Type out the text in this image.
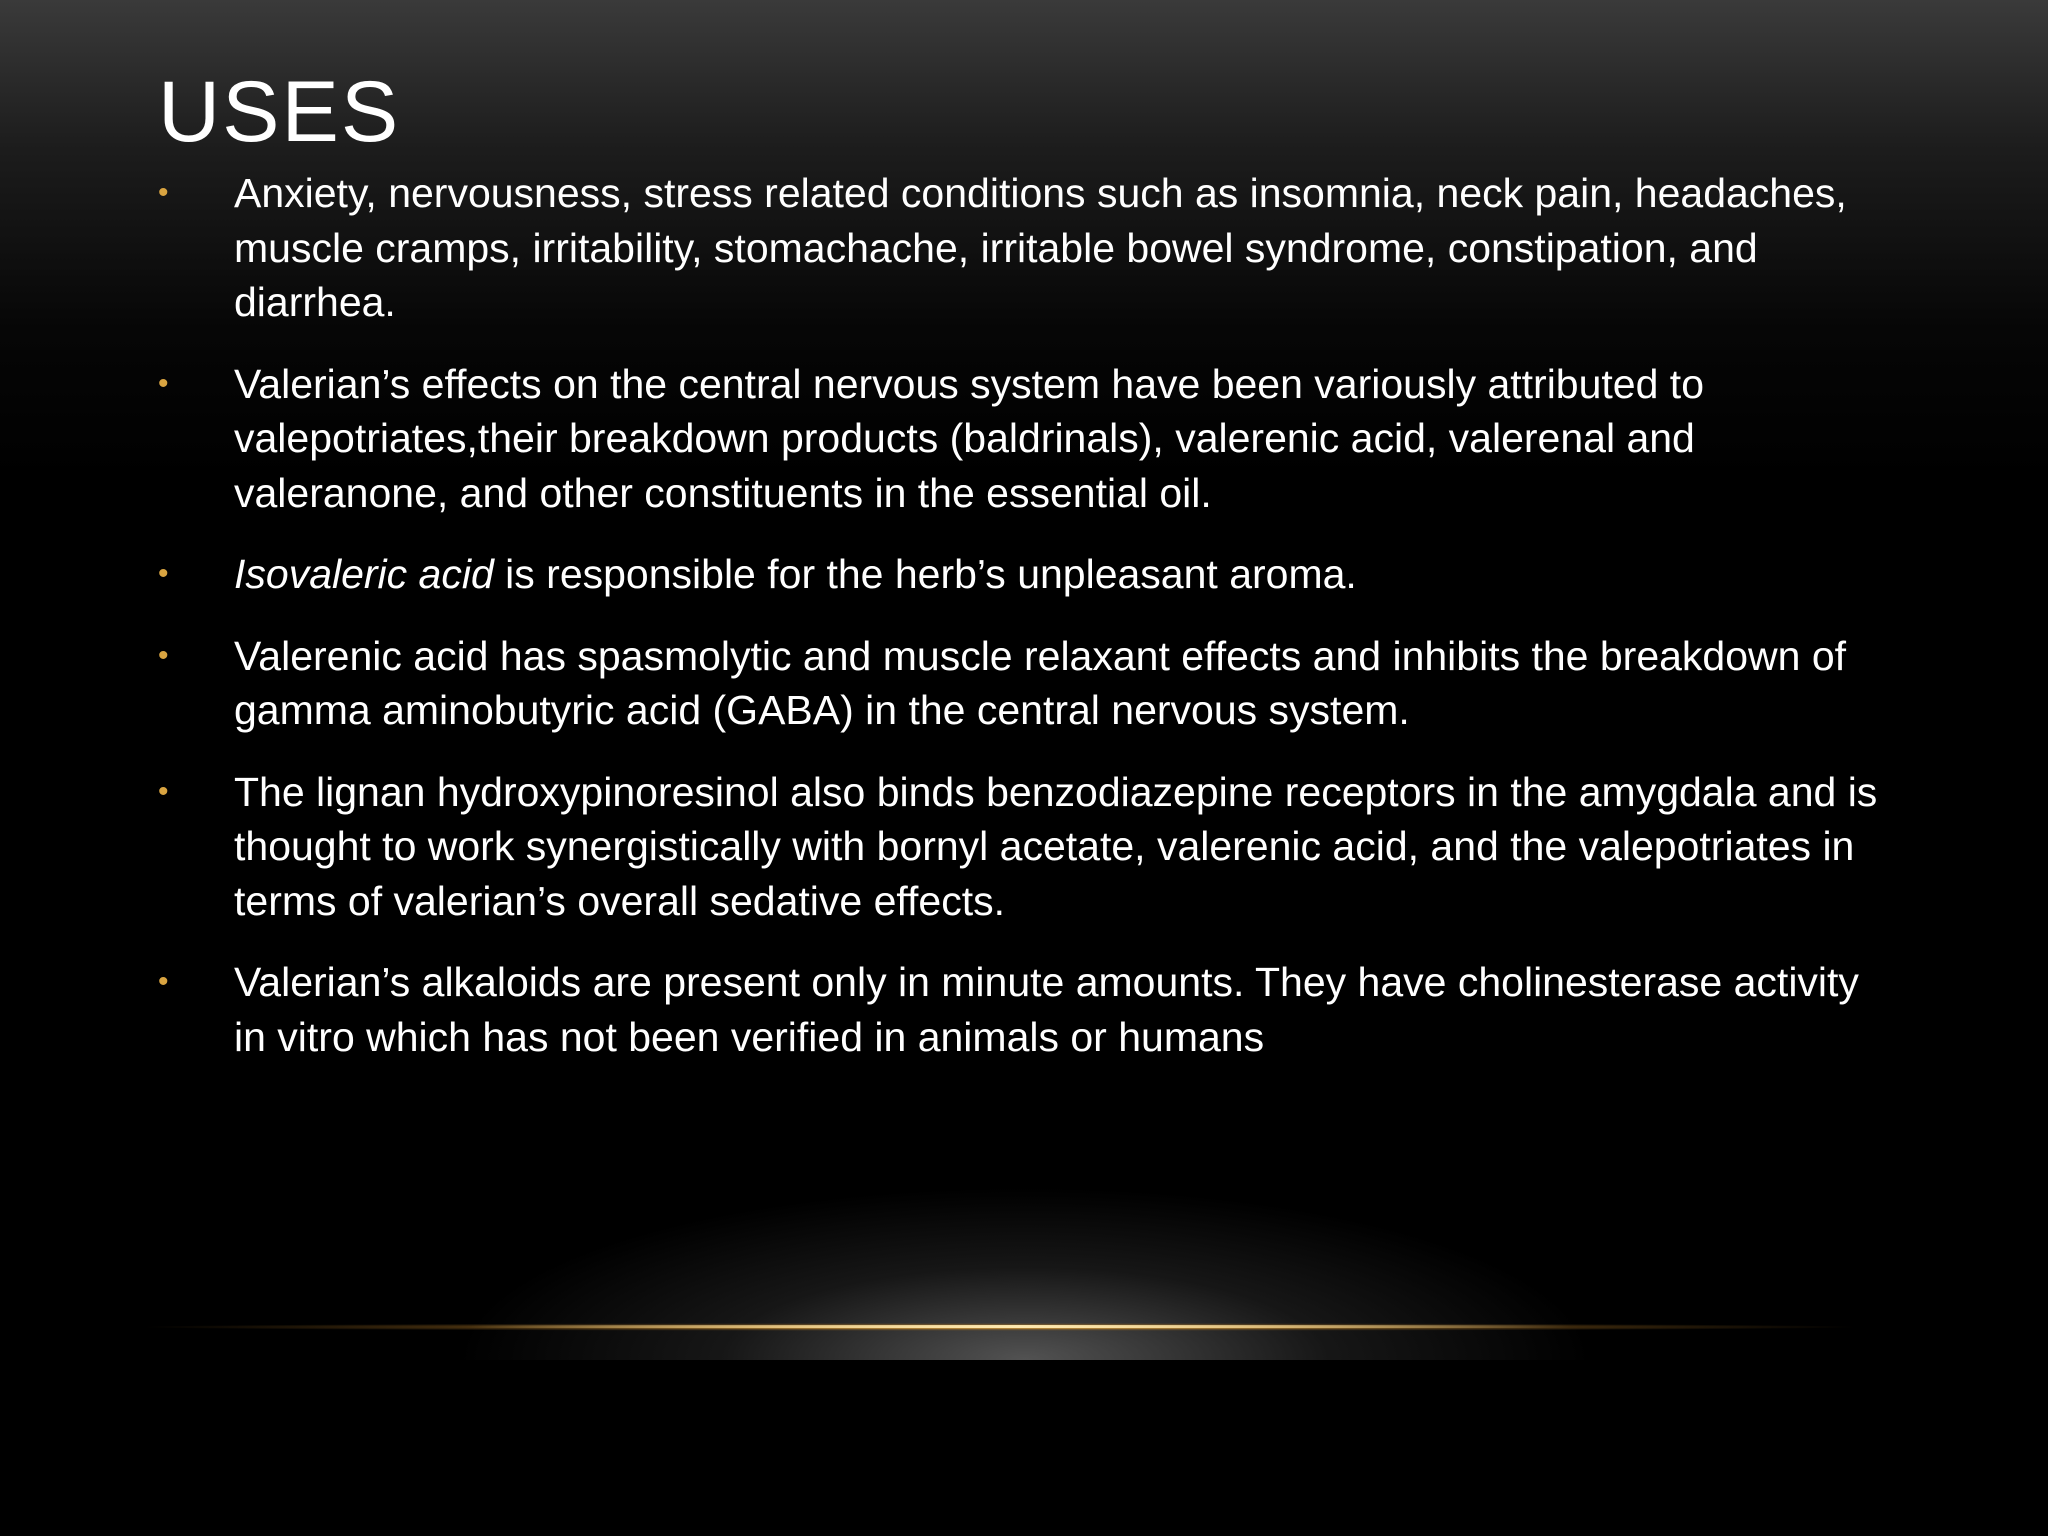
USES
• Anxiety, nervousness, stress related conditions such as insomnia, neck pain, headaches, muscle cramps, irritability, stomachache, irritable bowel syndrome, constipation, and diarrhea.
• Valerian’s effects on the central nervous system have been variously attributed to valepotriates,their breakdown products (baldrinals), valerenic acid, valerenal and valeranone, and other constituents in the essential oil.
• Isovaleric acid is responsible for the herb’s unpleasant aroma.
• Valerenic acid has spasmolytic and muscle relaxant effects and inhibits the breakdown of gamma aminobutyric acid (GABA) in the central nervous system.
• The lignan hydroxypinoresinol also binds benzodiazepine receptors in the amygdala and is thought to work synergistically with bornyl acetate, valerenic acid, and the valepotriates in terms of valerian’s overall sedative effects.
• Valerian’s alkaloids are present only in minute amounts. They have cholinesterase activity in vitro which has not been verified in animals or humans
